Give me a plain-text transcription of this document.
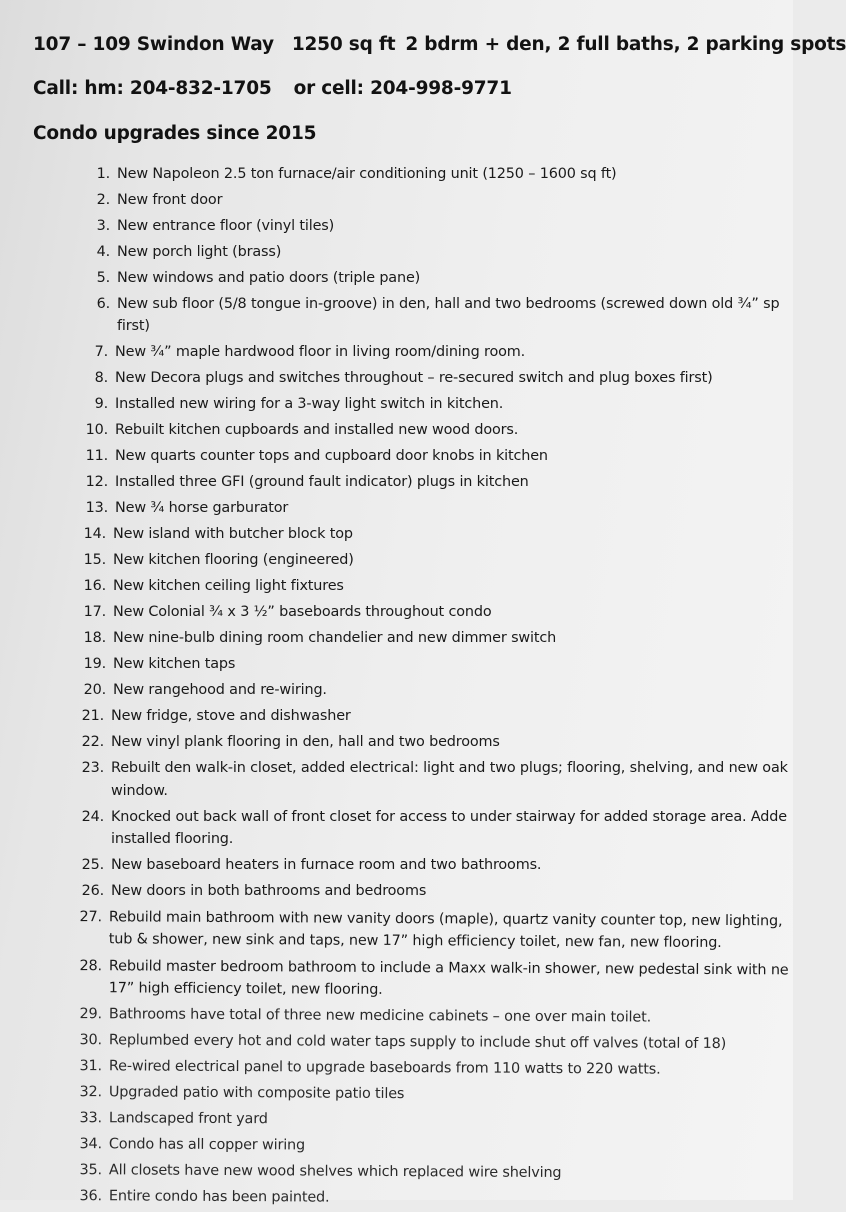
107 – 109 Swindon Way 1250 sq ft 2 bdrm + den, 2 full baths, 2 parking spots
Call: hm: 204-832-1705 or cell: 204-998-9771
Condo upgrades since 2015
1. New Napoleon 2.5 ton furnace/air conditioning unit (1250 – 1600 sq ft)
2. New front door
3. New entrance floor (vinyl tiles)
4. New porch light (brass)
5. New windows and patio doors (triple pane)
6. New sub floor (5/8 tongue in-groove) in den, hall and two bedrooms (screwed down old ¾” sp first)
7. New ¾” maple hardwood floor in living room/dining room.
8. New Decora plugs and switches throughout – re-secured switch and plug boxes first)
9. Installed new wiring for a 3-way light switch in kitchen.
10. Rebuilt kitchen cupboards and installed new wood doors.
11. New quarts counter tops and cupboard door knobs in kitchen
12. Installed three GFI (ground fault indicator) plugs in kitchen
13. New ¾ horse garburator
14. New island with butcher block top
15. New kitchen flooring (engineered)
16. New kitchen ceiling light fixtures
17. New Colonial ¾ x 3 ½” baseboards throughout condo
18. New nine-bulb dining room chandelier and new dimmer switch
19. New kitchen taps
20. New rangehood and re-wiring.
21. New fridge, stove and dishwasher
22. New vinyl plank flooring in den, hall and two bedrooms
23. Rebuilt den walk-in closet, added electrical: light and two plugs; flooring, shelving, and new oak window.
24. Knocked out back wall of front closet for access to under stairway for added storage area. Adde installed flooring.
25. New baseboard heaters in furnace room and two bathrooms.
26. New doors in both bathrooms and bedrooms
27. Rebuild main bathroom with new vanity doors (maple), quartz vanity counter top, new lighting, tub & shower, new sink and taps, new 17” high efficiency toilet, new fan, new flooring.
28. Rebuild master bedroom bathroom to include a Maxx walk-in shower, new pedestal sink with ne 17” high efficiency toilet, new flooring.
29. Bathrooms have total of three new medicine cabinets – one over main toilet.
30. Replumbed every hot and cold water taps supply to include shut off valves (total of 18)
31. Re-wired electrical panel to upgrade baseboards from 110 watts to 220 watts.
32. Upgraded patio with composite patio tiles
33. Landscaped front yard
34. Condo has all copper wiring
35. All closets have new wood shelves which replaced wire shelving
36. Entire condo has been painted.
